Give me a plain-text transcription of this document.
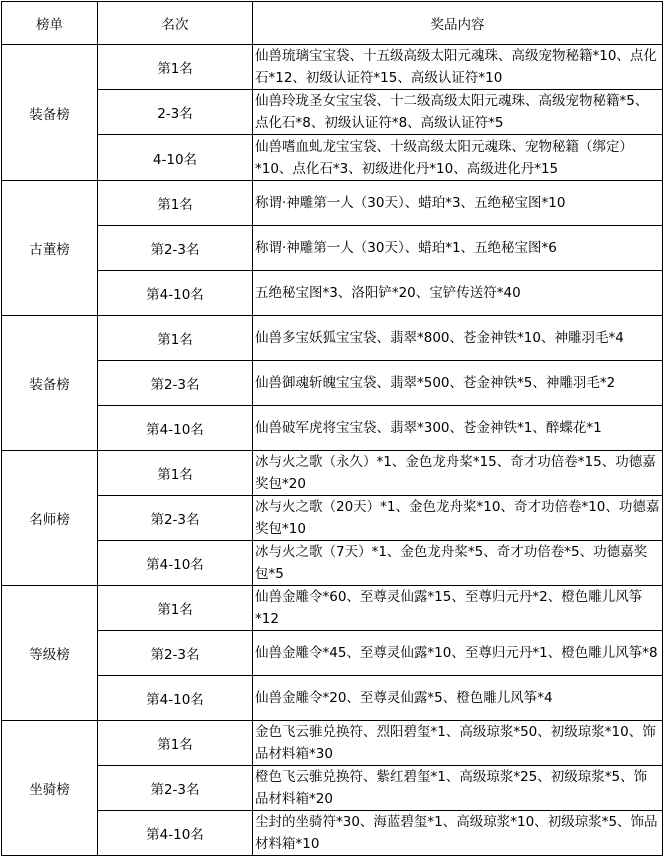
榜单	名次	奖品内容
装备榜	第1名	仙兽琉璃宝宝袋、十五级高级太阳元魂珠、高级宠物秘籍*10、点化石*12、初级认证符*15、高级认证符*10
	2-3名	仙兽玲珑圣女宝宝袋、十二级高级太阳元魂珠、高级宠物秘籍*5、点化石*8、初级认证符*8、高级认证符*5
	4-10名	仙兽嗜血虬龙宝宝袋、十级高级太阳元魂珠、宠物秘籍（绑定）*10、点化石*3、初级进化丹*10、高级进化丹*15
古董榜	第1名	称谓·神雕第一人（30天）、蜡珀*3、五绝秘宝图*10
	第2-3名	称谓·神雕第一人（30天）、蜡珀*1、五绝秘宝图*6
	第4-10名	五绝秘宝图*3、洛阳铲*20、宝铲传送符*40
装备榜	第1名	仙兽多宝妖狐宝宝袋、翡翠*800、苍金神铁*10、神雕羽毛*4
	第2-3名	仙兽御魂斩魄宝宝袋、翡翠*500、苍金神铁*5、神雕羽毛*2
	第4-10名	仙兽破军虎将宝宝袋、翡翠*300、苍金神铁*1、醉蝶花*1
名师榜	第1名	冰与火之歌（永久）*1、金色龙舟桨*15、奇才功倍卷*15、功德嘉奖包*20
	第2-3名	冰与火之歌（20天）*1、金色龙舟桨*10、奇才功倍卷*10、功德嘉奖包*10
	第4-10名	冰与火之歌（7天）*1、金色龙舟桨*5、奇才功倍卷*5、功德嘉奖包*5
等级榜	第1名	仙兽金雕令*60、至尊灵仙露*15、至尊归元丹*2、橙色雕儿风筝*12
	第2-3名	仙兽金雕令*45、至尊灵仙露*10、至尊归元丹*1、橙色雕儿风筝*8
	第4-10名	仙兽金雕令*20、至尊灵仙露*5、橙色雕儿风筝*4
坐骑榜	第1名	金色飞云骓兑换符、烈阳碧玺*1、高级琼浆*50、初级琼浆*10、饰品材料箱*30
	第2-3名	橙色飞云骓兑换符、紫红碧玺*1、高级琼浆*25、初级琼浆*5、饰品材料箱*20
	第4-10名	尘封的坐骑符*30、海蓝碧玺*1、高级琼浆*10、初级琼浆*5、饰品材料箱*10
